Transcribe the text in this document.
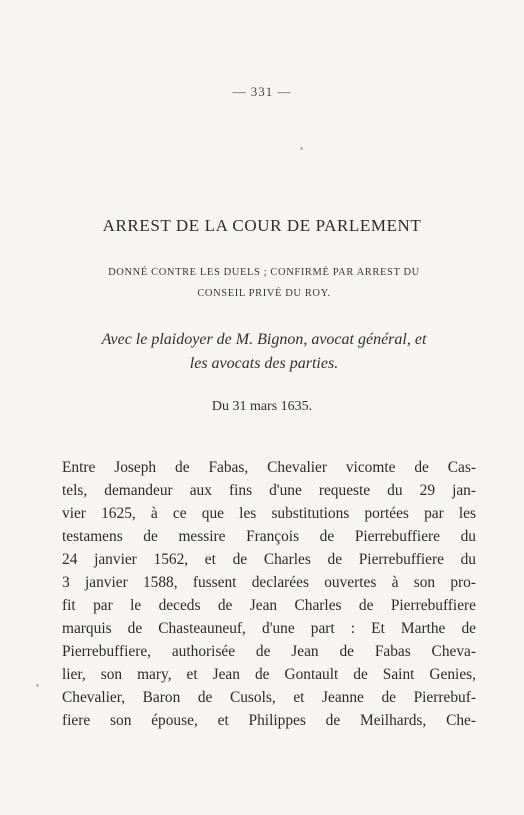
— 331 —
ARREST DE LA COUR DE PARLEMENT
DONNÉ CONTRE LES DUELS ; CONFIRMÉ PAR ARREST DU
CONSEIL PRIVÉ DU ROY.
Avec le plaidoyer de M. Bignon, avocat général, et
les avocats des parties.
Du 31 mars 1635.
Entre Joseph de Fabas, Chevalier vicomte de Cas-
tels, demandeur aux fins d'une requeste du 29 jan-
vier 1625, à ce que les substitutions portées par les
testamens de messire François de Pierrebuffiere du
24 janvier 1562, et de Charles de Pierrebuffiere du
3 janvier 1588, fussent declarées ouvertes à son pro-
fit par le deceds de Jean Charles de Pierrebuffiere
marquis de Chasteauneuf, d'une part : Et Marthe de
Pierrebuffiere, authorisée de Jean de Fabas Cheva-
lier, son mary, et Jean de Gontault de Saint Genies,
Chevalier, Baron de Cusols, et Jeanne de Pierrebuf-
fiere son épouse, et Philippes de Meilhards, Che-
